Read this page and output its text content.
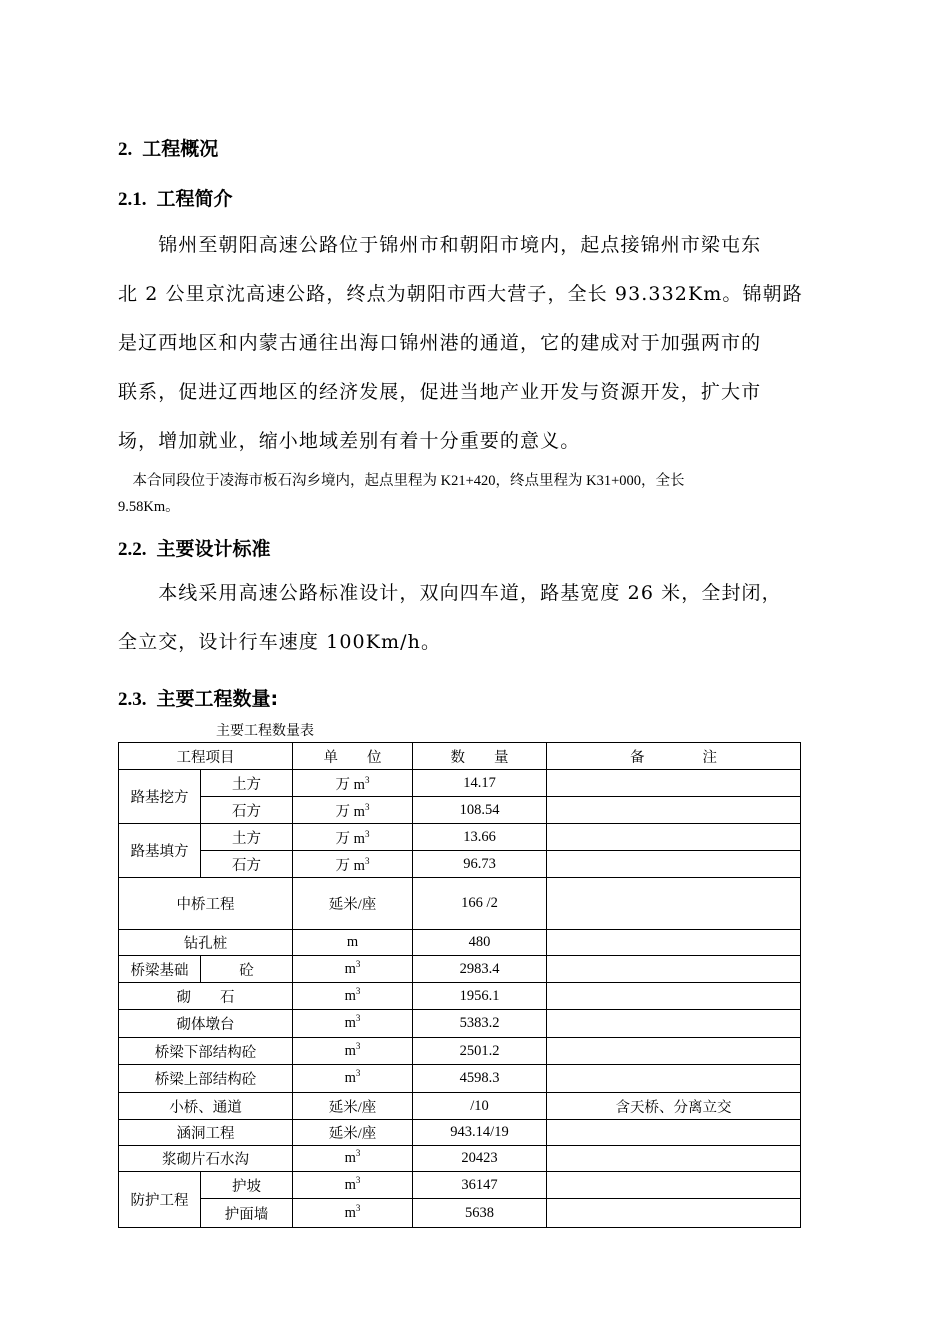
2. 工程概况
2.1. 工程简介

　　锦州至朝阳高速公路位于锦州市和朝阳市境内，起点接锦州市梁屯东

北 2 公里京沈高速公路，终点为朝阳市西大营子，全长 93.332Km。锦朝路

是辽西地区和内蒙古通往出海口锦州港的通道，它的建成对于加强两市的

联系，促进辽西地区的经济发展，促进当地产业开发与资源开发，扩大市

场，增加就业，缩小地域差别有着十分重要的意义。

　本合同段位于凌海市板石沟乡境内，起点里程为 K21+420，终点里程为 K31+000，全长
9.58Km。
2.2. 主要设计标准

　　本线采用高速公路标准设计，双向四车道，路基宽度 26 米，全封闭，

全立交，设计行车速度 100Km/h。

2.3. 主要工程数量:
主要工程数量表
工程项目		单　　位	数　　量	备　　　　注
路基挖方	土方	万 $m^3$	14.17	
	石方	万 $m^3$	108.54	
路基填方	土方	万 $m^3$	13.66	
	石方	万 $m^3$	96.73	
中桥工程		延米/座	166 /2	
钻孔桩		m	480	
桥梁基础	砼	$m^3$	2983.4	
砌　　石		$m^3$	1956.1	
砌体墩台		$m^3$	5383.2	
桥梁下部结构砼		$m^3$	2501.2	
桥梁上部结构砼		$m^3$	4598.3	
小桥、通道		延米/座	/10	含天桥、分离立交
涵洞工程		延米/座	943.14/19	
浆砌片石水沟		$m^3$	20423	
防护工程	护坡	$m^3$	36147	
	护面墙	$m^3$	5638	
